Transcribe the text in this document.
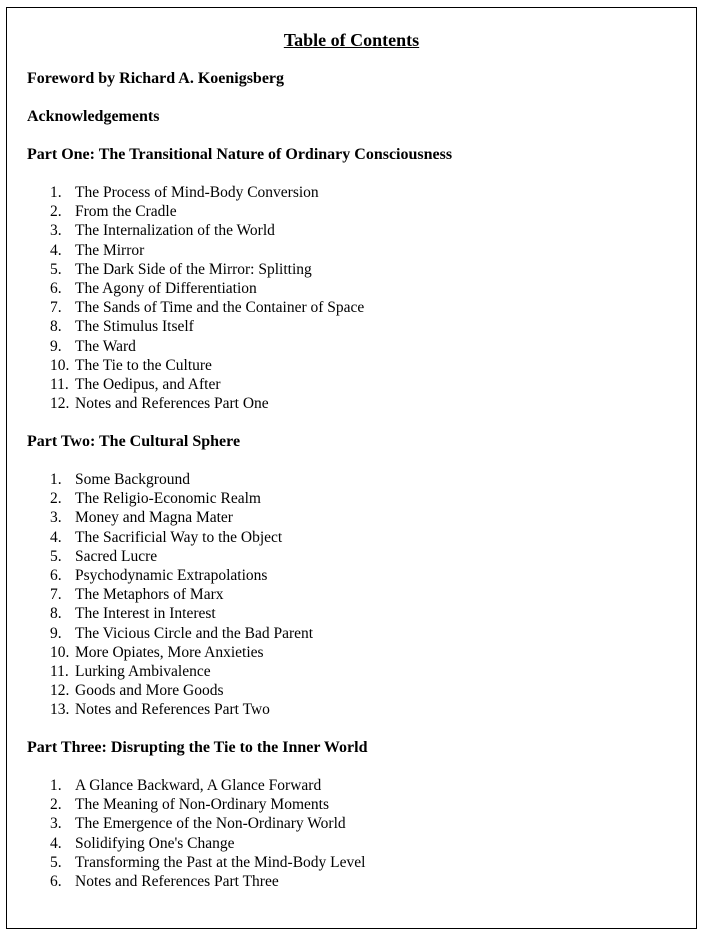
Table of Contents
Foreword by Richard A. Koenigsberg
Acknowledgements
Part One: The Transitional Nature of Ordinary Consciousness
1. The Process of Mind-Body Conversion
2. From the Cradle
3. The Internalization of the World
4. The Mirror
5. The Dark Side of the Mirror: Splitting
6. The Agony of Differentiation
7. The Sands of Time and the Container of Space
8. The Stimulus Itself
9. The Ward
10. The Tie to the Culture
11. The Oedipus, and After
12. Notes and References Part One
Part Two: The Cultural Sphere
1. Some Background
2. The Religio-Economic Realm
3. Money and Magna Mater
4. The Sacrificial Way to the Object
5. Sacred Lucre
6. Psychodynamic Extrapolations
7. The Metaphors of Marx
8. The Interest in Interest
9. The Vicious Circle and the Bad Parent
10. More Opiates, More Anxieties
11. Lurking Ambivalence
12. Goods and More Goods
13. Notes and References Part Two
Part Three: Disrupting the Tie to the Inner World
1. A Glance Backward, A Glance Forward
2. The Meaning of Non-Ordinary Moments
3. The Emergence of the Non-Ordinary World
4. Solidifying One's Change
5. Transforming the Past at the Mind-Body Level
6. Notes and References Part Three
